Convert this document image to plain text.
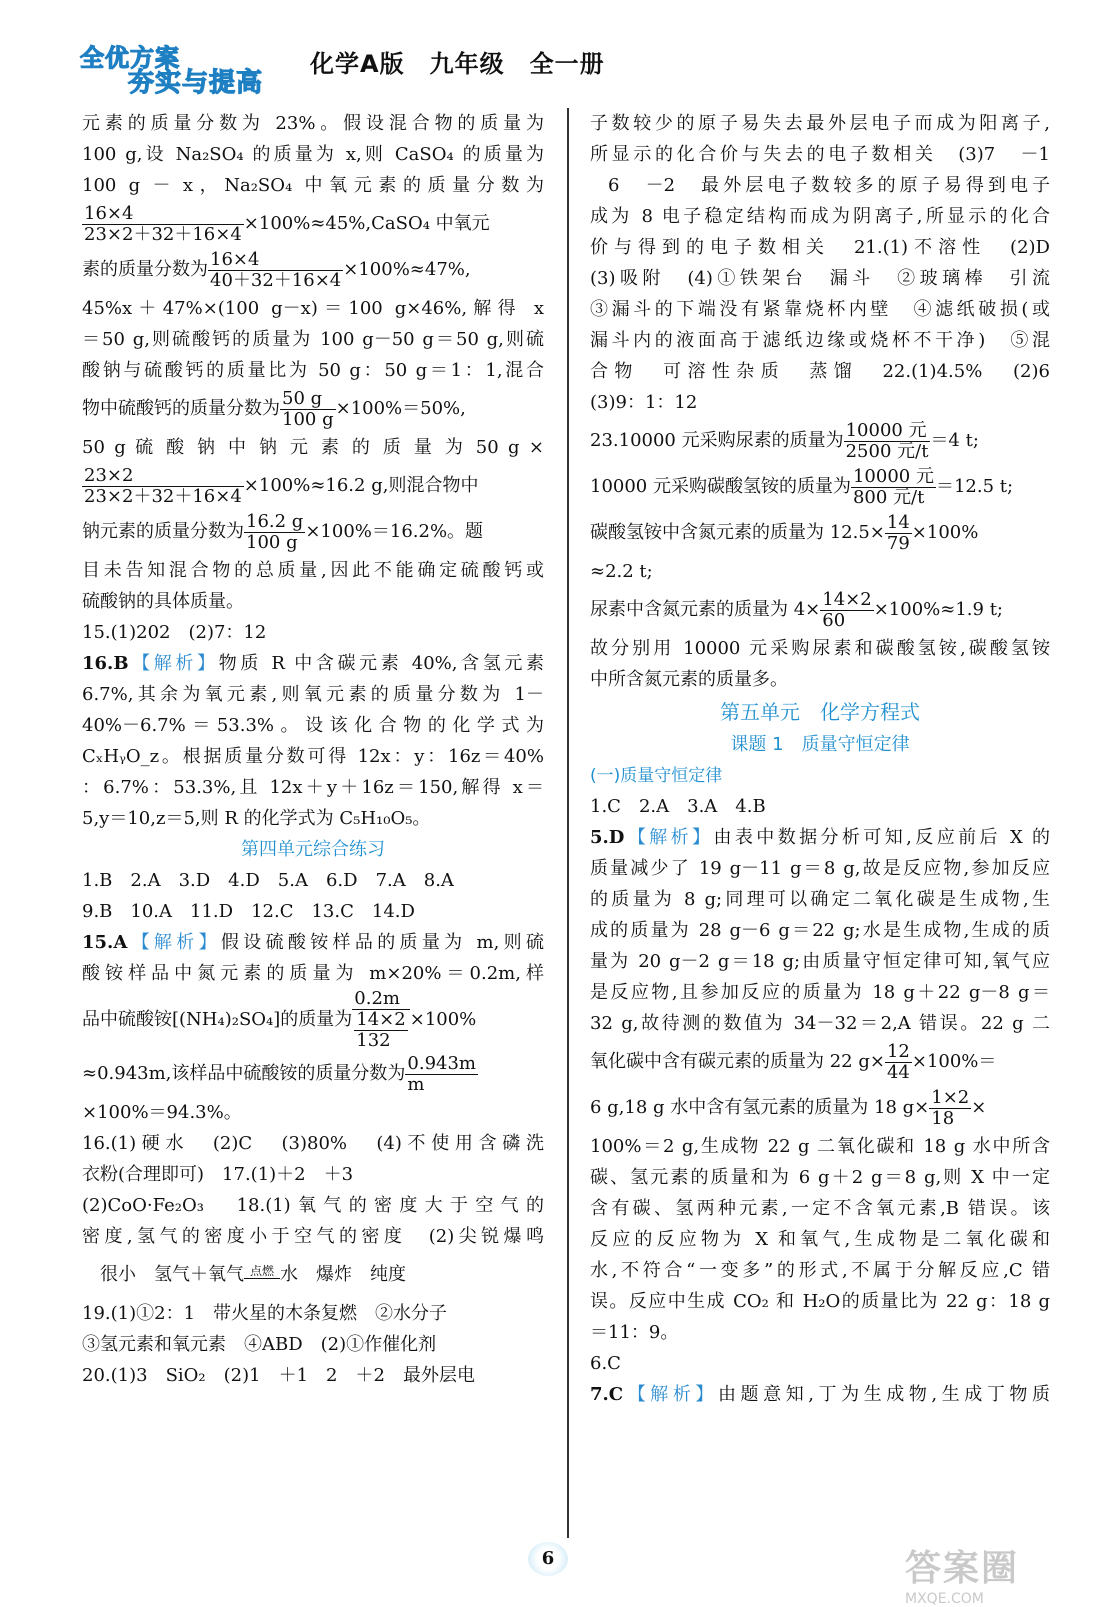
全优方案
夯实与提高
化学A版　九年级　全一册
元素的质量分数为 23%。假设混合物的质量为
100 g,设 Na₂SO₄ 的质量为 x,则 CaSO₄ 的质量为
100 g － x，Na₂SO₄ 中氧元素的质量分数为
$\frac{16\times 4}{23\times 2+32+16\times 4}$ ×100%≈45%,CaSO₄ 中氧元
素的质量分数为 $\frac{16\times 4}{40+32+16\times 4} \times 100\%\approx 47\%$,
45%x＋47%×(100 g－x)＝100 g×46%,解得 x
＝50 g,则硫酸钙的质量为 100 g－50 g＝50 g,则硫
酸钠与硫酸钙的质量比为 50 g：50 g＝1：1,混合
物中硫酸钙的质量分数为 $\frac{50 g}{100 g} \times 100\%=50\%$,
50 g 硫 酸 钠 中 钠 元 素 的 质 量 为 50 g ×
$\frac{23\times 2}{23\times 2+32+16\times 4} \times 100\%\approx 16.2$ g,则混合物中
钠元素的质量分数为 $\frac{16.2 g}{100 g} \times 100\%=16.2\%$。题
目未告知混合物的总质量,因此不能确定硫酸钙或
硫酸钠的具体质量。
15.(1)202　(2)7：12
16.B【解析】物质 R 中含碳元素 40%,含氢元素
6.7%,其余为氧元素,则氧元素的质量分数为 1－
40%－6.7%＝53.3%。设该化合物的化学式为
CₓHᵧO_z。根据质量分数可得 12x：y：16z＝40%
：6.7%：53.3%,且 12x＋y＋16z＝150,解得 x＝
5,y＝10,z＝5,则 R 的化学式为 C₅H₁₀O₅。
第四单元综合练习
1.B　2.A　3.D　4.D　5.A　6.D　7.A　8.A
9.B　10.A　11.D　12.C　13.C　14.D
15.A【解析】假设硫酸铵样品的质量为 m,则硫
酸铵样品中氮元素的质量为 m×20%＝0.2m,样
品中硫酸铵[(NH₄)₂SO₄]的质量为 $\frac{0.2m}{\frac{14\times 2}{132}} \times 100\%$
≈0.943m,该样品中硫酸铵的质量分数为 $\frac{0.943m}{m}$
×100%＝94.3%。
16.(1)硬水　(2)C　(3)80%　(4)不使用含磷洗
衣粉(合理即可)　17.(1)＋2　＋3
(2)CoO·Fe₂O₃　18.(1)氧气的密度大于空气的
密度,氢气的密度小于空气的密度　(2)尖锐爆鸣
很小　氢气＋氧气 点燃 水　爆炸　纯度
19.(1)①2：1　带火星的木条复燃　②水分子
③氢元素和氧元素　④ABD　(2)①作催化剂
20.(1)3　SiO₂　(2)1　＋1　2　＋2　最外层电
子数较少的原子易失去最外层电子而成为阳离子,
所显示的化合价与失去的电子数相关　(3)7　－1
6　－2　最外层电子数较多的原子易得到电子
成为 8 电子稳定结构而成为阴离子,所显示的化合
价与得到的电子数相关　21.(1)不溶性　(2)D
(3)吸附　(4)①铁架台　漏斗　②玻璃棒　引流
③漏斗的下端没有紧靠烧杯内壁　④滤纸破损(或
漏斗内的液面高于滤纸边缘或烧杯不干净)　⑤混
合物　可溶性杂质　蒸馏　22.(1)4.5%　(2)6
(3)9：1：12
23.10000 元采购尿素的质量为 $\frac{\text{10000 元}}{\text{2500 元/t}} =4$ t;
10000 元采购碳酸氢铵的质量为 $\frac{\text{10000 元}}{\text{800 元/t}} =12.5$ t;
碳酸氢铵中含氮元素的质量为 $12.5\times \frac{14}{79} \times 100\%$
≈2.2 t;
尿素中含氮元素的质量为 $4\times \frac{14\times 2}{60} \times 100\%\approx 1.9$ t;
故分别用 10000 元采购尿素和碳酸氢铵,碳酸氢铵
中所含氮元素的质量多。
第五单元　化学方程式
课题 1　质量守恒定律
(一)质量守恒定律
1.C　2.A　3.A　4.B
5.D【解析】由表中数据分析可知,反应前后 X 的
质量减少了 19 g－11 g＝8 g,故是反应物,参加反应
的质量为 8 g;同理可以确定二氧化碳是生成物,生
成的质量为 28 g－6 g＝22 g;水是生成物,生成的质
量为 20 g－2 g＝18 g;由质量守恒定律可知,氧气应
是反应物,且参加反应的质量为 18 g＋22 g－8 g＝
32 g,故待测的数值为 34－32＝2,A 错误。22 g 二
氧化碳中含有碳元素的质量为 22 $g\times \frac{12}{44} \times 100\%=$
6 g,18 g 水中含有氢元素的质量为 18 $g\times \frac{1\times 2}{18}$ ×
100%＝2 g,生成物 22 g 二氧化碳和 18 g 水中所含
碳、氢元素的质量和为 6 g＋2 g＝8 g,则 X 中一定
含有碳、氢两种元素,一定不含氧元素,B 错误。该
反应的反应物为 X 和氧气,生成物是二氧化碳和
水,不符合“一变多”的形式,不属于分解反应,C 错
误。反应中生成 CO₂ 和 H₂O的质量比为 22 g：18 g
＝11：9。
6.C
7.C【解析】由题意知,丁为生成物,生成丁物质
6	答案圈
MXQE.COM
